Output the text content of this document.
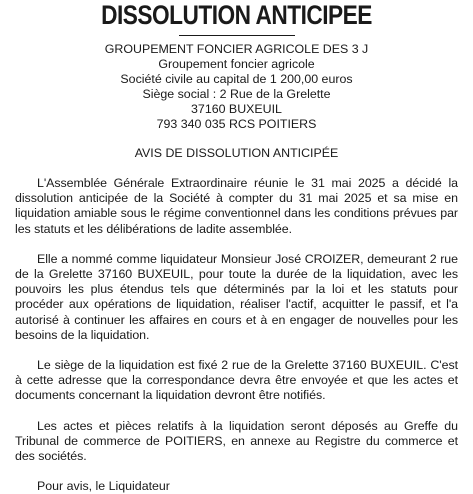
DISSOLUTION ANTICIPEE
GROUPEMENT FONCIER AGRICOLE DES 3 J
Groupement foncier agricole
Société civile au capital de 1 200,00 euros
Siège social : 2 Rue de la Grelette
37160 BUXEUIL
793 340 035 RCS POITIERS
AVIS DE DISSOLUTION ANTICIPÉE

L'Assemblée Générale Extraordinaire réunie le 31 mai 2025 a décidé la dissolution anticipée de la Société à compter du 31 mai 2025 et sa mise en liquidation amiable sous le régime conventionnel dans les conditions prévues par les statuts et les délibérations de ladite assemblée.

Elle a nommé comme liquidateur Monsieur José CROIZER, demeurant 2 rue de la Grelette 37160 BUXEUIL, pour toute la durée de la liquidation, avec les pouvoirs les plus étendus tels que déterminés par la loi et les statuts pour procéder aux opérations de liquidation, réaliser l'actif, acquitter le passif, et l'a autorisé à continuer les affaires en cours et à en engager de nouvelles pour les besoins de la liquidation.

Le siège de la liquidation est fixé 2 rue de la Grelette 37160 BUXEUIL. C'est à cette adresse que la correspondance devra être envoyée et que les actes et documents concernant la liquidation devront être notifiés.

Les actes et pièces relatifs à la liquidation seront déposés au Greffe du Tribunal de commerce de POITIERS, en annexe au Registre du commerce et des sociétés.

Pour avis, le Liquidateur
